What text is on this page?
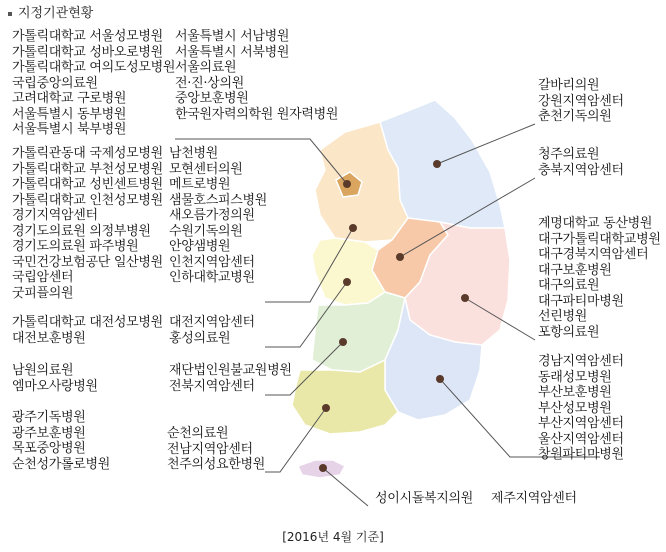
지정기관현황
가톨릭대학교 서울성모병원
가톨릭대학교 성바오로병원
가톨릭대학교 여의도성모병원
국립중앙의료원
고려대학교 구로병원
서울특별시 동부병원
서울특별시 북부병원
서울특별시 서남병원
서울특별시 서북병원
서울의료원
전·진·상의원
중앙보훈병원
한국원자력의학원 원자력병원
가톨릭관동대 국제성모병원
가톨릭대학교 부천성모병원
가톨릭대학교 성빈센트병원
가톨릭대학교 인천성모병원
경기지역암센터
경기도의료원 의정부병원
경기도의료원 파주병원
국민건강보험공단 일산병원
국립암센터
굿피플의원
남천병원
모현센터의원
메트로병원
샘물호스피스병원
새오름가정의원
수원기독의원
안양샘병원
인천지역암센터
인하대학교병원
가톨릭대학교 대전성모병원
대전보훈병원
대전지역암센터
홍성의료원
남원의료원
엠마오사랑병원
재단법인원불교원병원
전북지역암센터
광주기독병원
광주보훈병원
목포중앙병원
순천성가롤로병원
순천의료원
전남지역암센터
천주의성요한병원
갈바리의원
강원지역암센터
춘천기독의원
청주의료원
충북지역암센터
계명대학교 동산병원
대구가톨릭대학교병원
대구경북지역암센터
대구보훈병원
대구의료원
대구파티마병원
선린병원
포항의료원
경남지역암센터
동래성모병원
부산보훈병원
부산성모병원
부산지역암센터
울산지역암센터
창원파티마병원
성이시돌복지의원 제주지역암센터
[2016년 4월 기준]
